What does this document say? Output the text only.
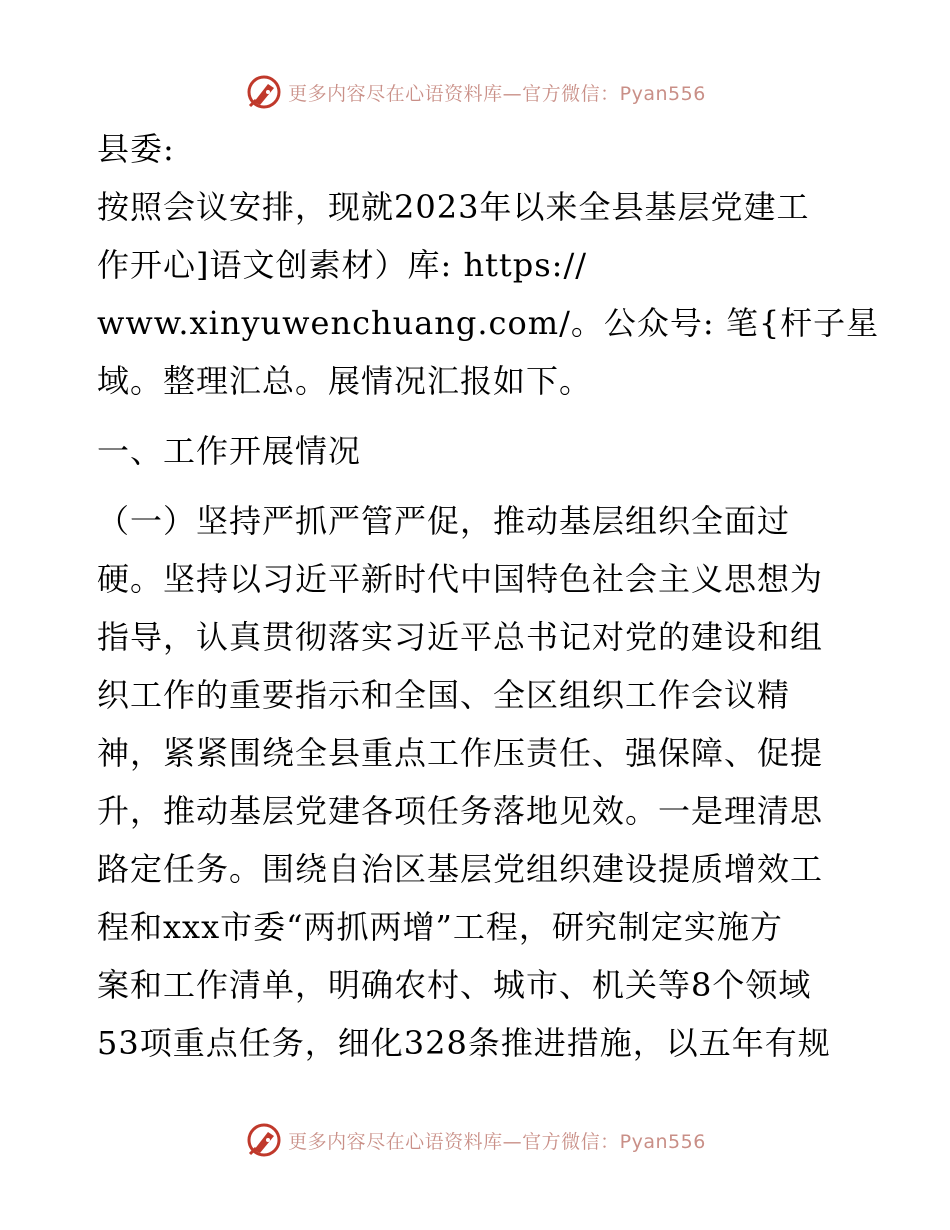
更多内容尽在心语资料库—官方微信：Pyan556
县委:
按照会议安排，现就2023年以来全县基层党建工
作开心]语文创素材）库: https://
www.xinyuwenchuang.com/。公众号: 笔{杆子星
域。整理汇总。展情况汇报如下。
一、工作开展情况
（一）坚持严抓严管严促，推动基层组织全面过
硬。坚持以习近平新时代中国特色社会主义思想为
指导，认真贯彻落实习近平总书记对党的建设和组
织工作的重要指示和全国、全区组织工作会议精
神，紧紧围绕全县重点工作压责任、强保障、促提
升，推动基层党建各项任务落地见效。一是理清思
路定任务。围绕自治区基层党组织建设提质增效工
程和xxx市委“两抓两增”工程，研究制定实施方
案和工作清单，明确农村、城市、机关等8个领域
53项重点任务，细化328条推进措施，以五年有规
更多内容尽在心语资料库—官方微信：Pyan556
